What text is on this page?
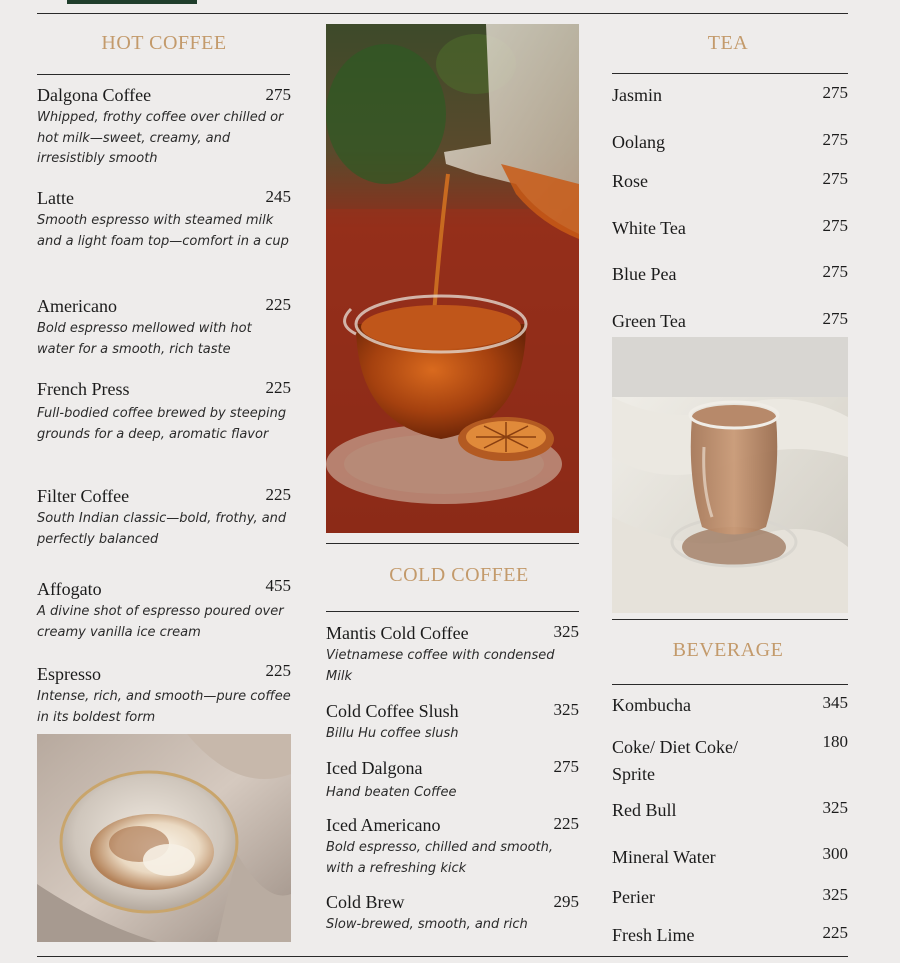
HOT COFFEE
Dalgona Coffee
Whipped, frothy coffee over chilled or hot milk—sweet, creamy, and irresistibly smooth
275
Latte
Smooth espresso with steamed milk and a light foam top—comfort in a cup
245
Americano
Bold espresso mellowed with hot water for a smooth, rich taste
225
French Press
Full-bodied coffee brewed by steeping grounds for a deep, aromatic flavor
225
Filter Coffee
South Indian classic—bold, frothy, and perfectly balanced
225
Affogato
A divine shot of espresso poured over creamy vanilla ice cream
455
Espresso
Intense, rich, and smooth—pure coffee in its boldest form
225
COLD COFFEE
Mantis Cold Coffee
Vietnamese coffee with condensed Milk
325
Cold Coffee Slush
Billu Hu coffee slush
325
Iced Dalgona
Hand beaten Coffee
275
Iced Americano
Bold espresso, chilled and smooth, with a refreshing kick
225
Cold Brew
Slow-brewed, smooth, and rich
295
TEA
Jasmin	275
Oolang	275
Rose	275
White Tea	275
Blue Pea	275
Green Tea	275
BEVERAGE
Kombucha	345
Coke/ Diet Coke/ Sprite
180
Red Bull	325
Mineral Water	300
Perier	325
Fresh Lime	225
